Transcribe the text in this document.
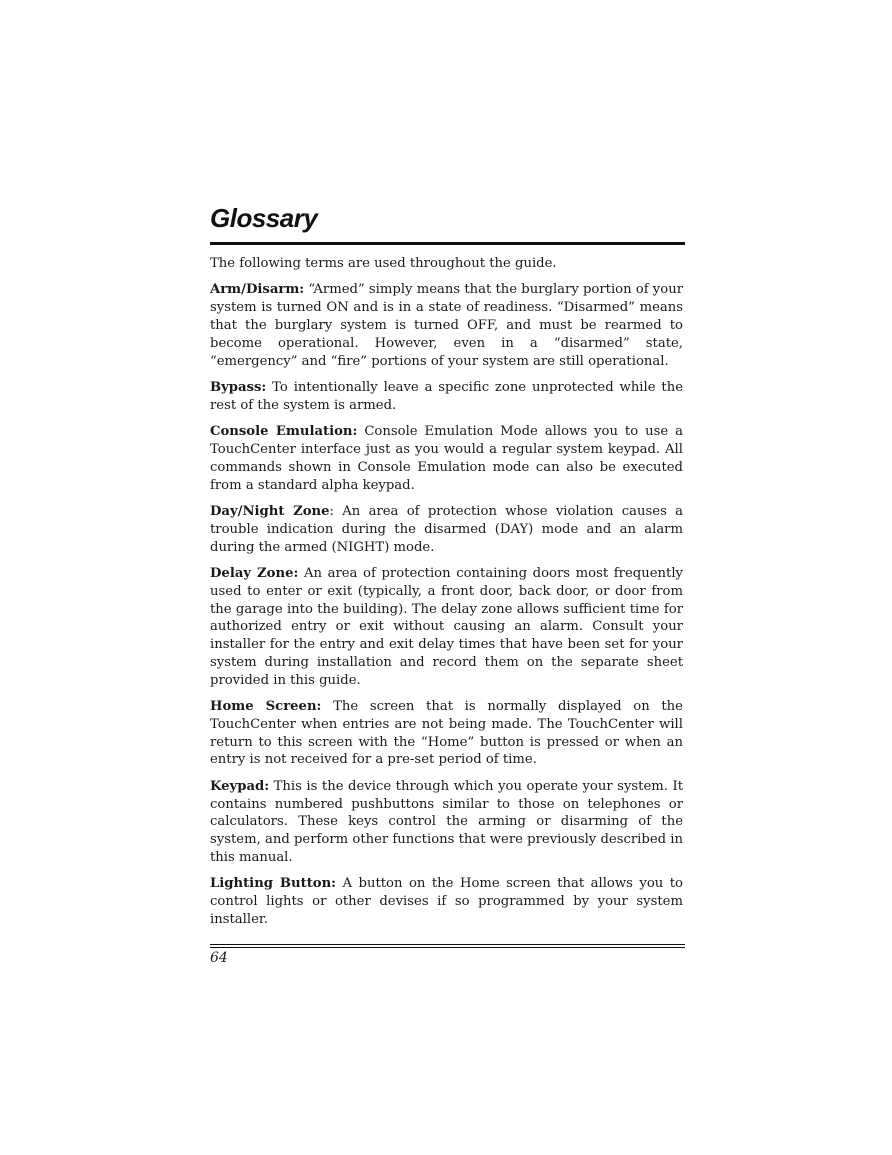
Glossary

The following terms are used throughout the guide.

Arm/Disarm: “Armed” simply means that the burglary portion of your system is turned ON and is in a state of readiness. “Disarmed” means that the burglary system is turned OFF, and must be rearmed to become operational. However, even in a “disarmed” state, “emergency” and “fire” portions of your system are still operational.

Bypass: To intentionally leave a specific zone unprotected while the rest of the system is armed.

Console Emulation: Console Emulation Mode allows you to use a TouchCenter interface just as you would a regular system keypad. All commands shown in Console Emulation mode can also be executed from a standard alpha keypad.

Day/Night Zone: An area of protection whose violation causes a trouble indication during the disarmed (DAY) mode and an alarm during the armed (NIGHT) mode.

Delay Zone: An area of protection containing doors most frequently used to enter or exit (typically, a front door, back door, or door from the garage into the building). The delay zone allows sufficient time for authorized entry or exit without causing an alarm. Consult your installer for the entry and exit delay times that have been set for your system during installation and record them on the separate sheet provided in this guide.

Home Screen: The screen that is normally displayed on the TouchCenter when entries are not being made. The TouchCenter will return to this screen with the “Home” button is pressed or when an entry is not received for a pre-set period of time.

Keypad: This is the device through which you operate your system. It contains numbered pushbuttons similar to those on telephones or calculators. These keys control the arming or disarming of the system, and perform other functions that were previously described in this manual.

Lighting Button: A button on the Home screen that allows you to control lights or other devises if so programmed by your system installer.

64
